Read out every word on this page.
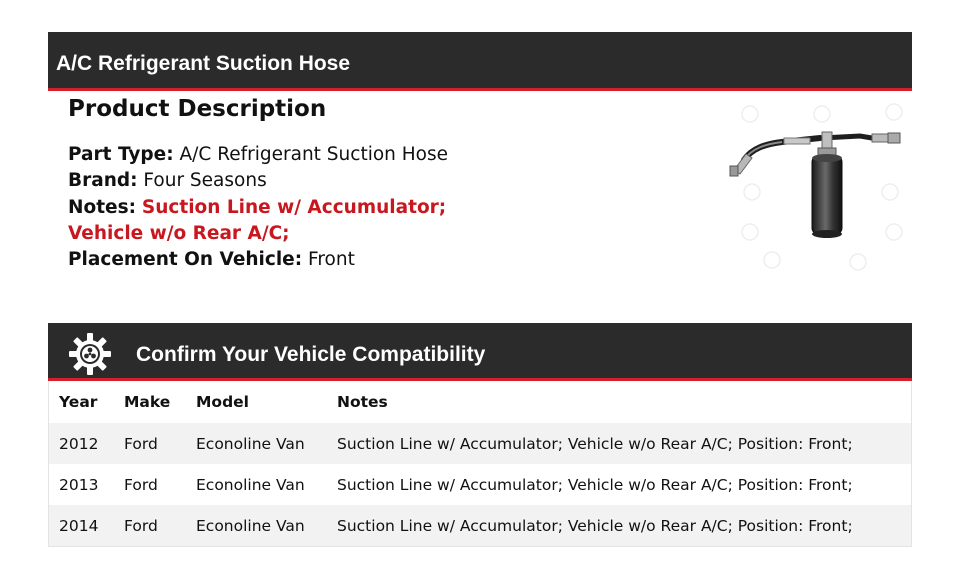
A/C Refrigerant Suction Hose
Product Description
Part Type: A/C Refrigerant Suction Hose
Brand: Four Seasons
Notes: Suction Line w/ Accumulator;
Vehicle w/o Rear A/C;
Placement On Vehicle: Front
Confirm Your Vehicle Compatibility
Year	Make	Model	Notes
2012	Ford	Econoline Van	Suction Line w/ Accumulator; Vehicle w/o Rear A/C; Position: Front;
2013	Ford	Econoline Van	Suction Line w/ Accumulator; Vehicle w/o Rear A/C; Position: Front;
2014	Ford	Econoline Van	Suction Line w/ Accumulator; Vehicle w/o Rear A/C; Position: Front;
